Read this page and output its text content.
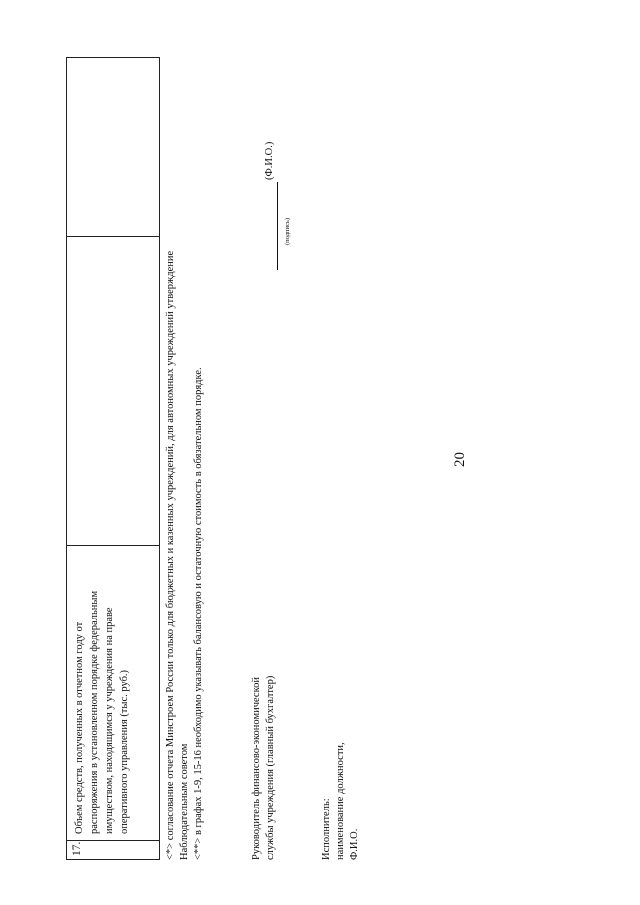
20
17.
Объем средств, полученных в отчетном году от распоряжения в установленном порядке федеральным имуществом, находящимся у учреждения на праве оперативного управления (тыс. руб.)	<*> согласование отчета Минстроем России только для бюджетных и казенных учреждений, для автономных учреждений утверждение Наблюдательным советом <**> в графах 1-9, 15-16 необходимо указывать балансовую и остаточную стоимость в обязательном порядке.	Руководитель финансово-экономической службы учреждения (главный бухгалтер)
(подпись)
(Ф.И.О.)
Исполнитель: наименование должности, Ф.И.О.
